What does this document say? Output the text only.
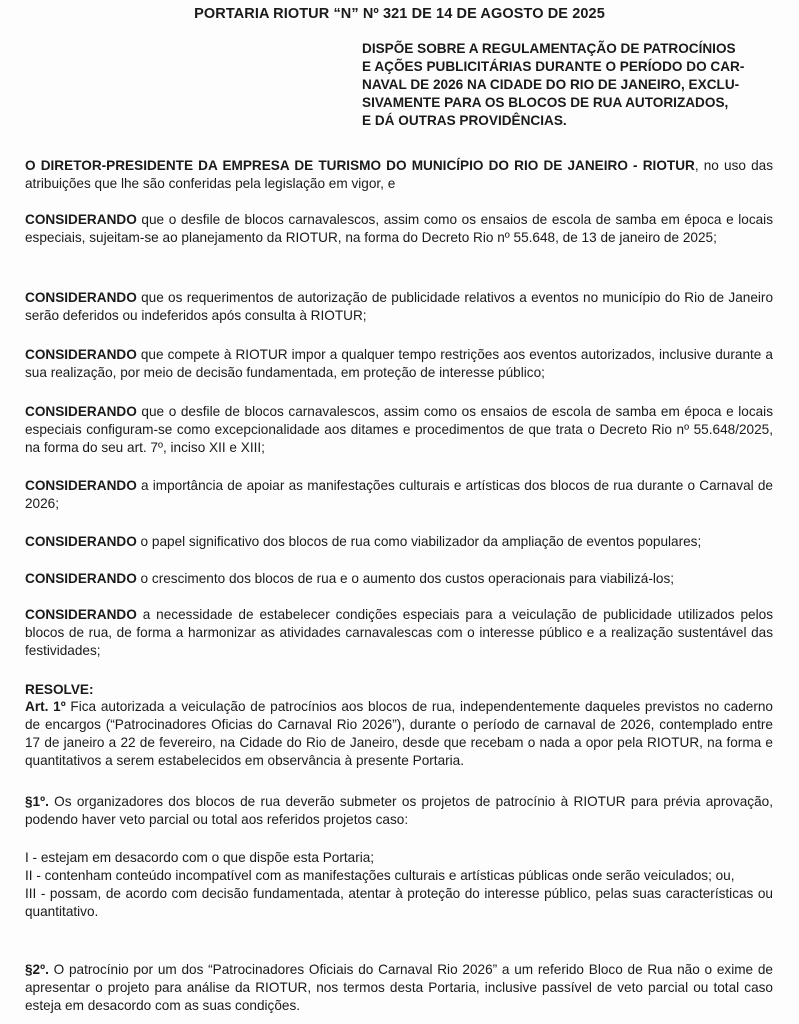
PORTARIA RIOTUR “N” Nº 321 DE 14 DE AGOSTO DE 2025
DISPÕE SOBRE A REGULAMENTAÇÃO DE PATROCÍNIOS
E AÇÕES PUBLICITÁRIAS DURANTE O PERÍODO DO CAR-
NAVAL DE 2026 NA CIDADE DO RIO DE JANEIRO, EXCLU-
SIVAMENTE PARA OS BLOCOS DE RUA AUTORIZADOS,
E DÁ OUTRAS PROVIDÊNCIAS.

O DIRETOR-PRESIDENTE DA EMPRESA DE TURISMO DO MUNICÍPIO DO RIO DE JANEIRO - RIOTUR, no uso das atribuições que lhe são conferidas pela legislação em vigor, e

CONSIDERANDO que o desfile de blocos carnavalescos, assim como os ensaios de escola de samba em época e locais especiais, sujeitam-se ao planejamento da RIOTUR, na forma do Decreto Rio nº 55.648, de 13 de janeiro de 2025;

CONSIDERANDO que os requerimentos de autorização de publicidade relativos a eventos no município do Rio de Janeiro serão deferidos ou indeferidos após consulta à RIOTUR;

CONSIDERANDO que compete à RIOTUR impor a qualquer tempo restrições aos eventos autorizados, inclusive durante a sua realização, por meio de decisão fundamentada, em proteção de interesse público;

CONSIDERANDO que o desfile de blocos carnavalescos, assim como os ensaios de escola de samba em época e locais especiais configuram-se como excepcionalidade aos ditames e procedimentos de que trata o Decreto Rio nº 55.648/2025, na forma do seu art. 7º, inciso XII e XIII;

CONSIDERANDO a importância de apoiar as manifestações culturais e artísticas dos blocos de rua durante o Carnaval de 2026;

CONSIDERANDO o papel significativo dos blocos de rua como viabilizador da ampliação de eventos populares;

CONSIDERANDO o crescimento dos blocos de rua e o aumento dos custos operacionais para viabilizá-los;

CONSIDERANDO a necessidade de estabelecer condições especiais para a veiculação de publicidade utilizados pelos blocos de rua, de forma a harmonizar as atividades carnavalescas com o interesse público e a realização sustentável das festividades;

RESOLVE:

Art. 1º Fica autorizada a veiculação de patrocínios aos blocos de rua, independentemente daqueles previstos no caderno de encargos (“Patrocinadores Oficias do Carnaval Rio 2026”), durante o período de carnaval de 2026, contemplado entre 17 de janeiro a 22 de fevereiro, na Cidade do Rio de Janeiro, desde que recebam o nada a opor pela RIOTUR, na forma e quantitativos a serem estabelecidos em observância à presente Portaria.

§1º. Os organizadores dos blocos de rua deverão submeter os projetos de patrocínio à RIOTUR para prévia aprovação, podendo haver veto parcial ou total aos referidos projetos caso:

I - estejam em desacordo com o que dispõe esta Portaria;
II - contenham conteúdo incompatível com as manifestações culturais e artísticas públicas onde serão veiculados; ou,
III - possam, de acordo com decisão fundamentada, atentar à proteção do interesse público, pelas suas características ou quantitativo.

§2º. O patrocínio por um dos “Patrocinadores Oficiais do Carnaval Rio 2026” a um referido Bloco de Rua não o exime de apresentar o projeto para análise da RIOTUR, nos termos desta Portaria, inclusive passível de veto parcial ou total caso esteja em desacordo com as suas condições.
